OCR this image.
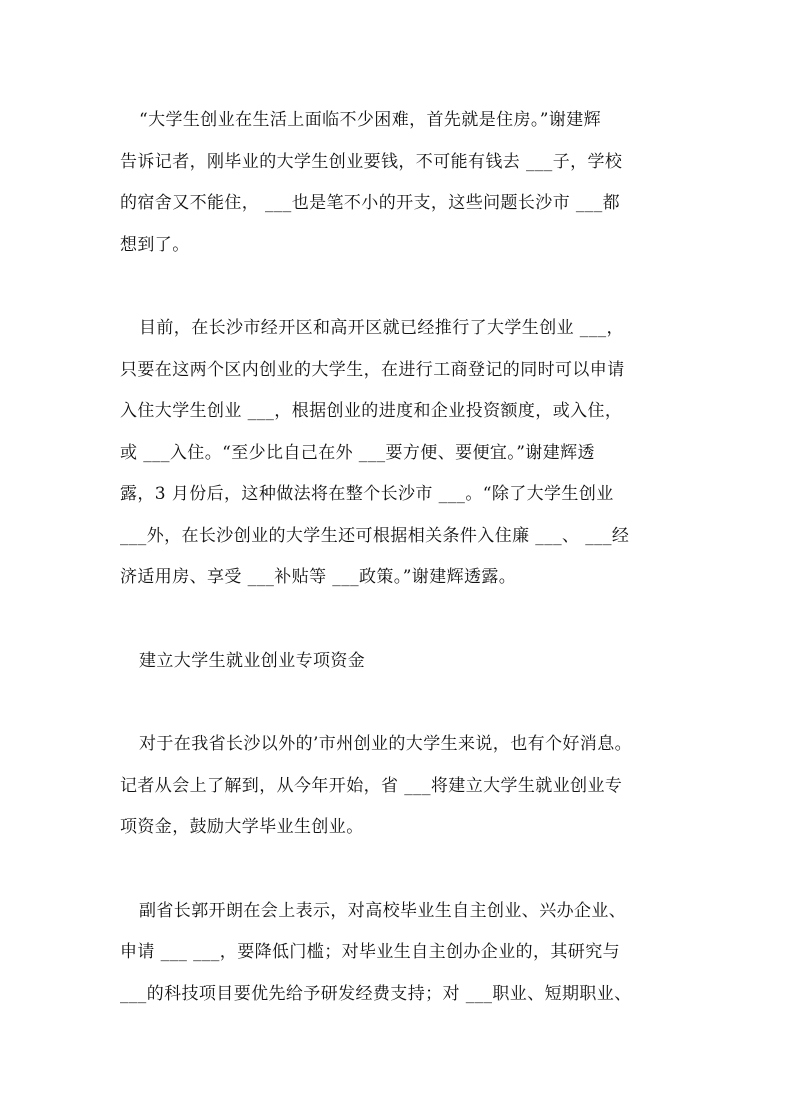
“大学生创业在生活上面临不少困难，首先就是住房。”谢建辉
告诉记者，刚毕业的大学生创业要钱，不可能有钱去 ___子，学校
的宿舍又不能住， ___也是笔不小的开支，这些问题长沙市 ___都
想到了。
目前，在长沙市经开区和高开区就已经推行了大学生创业 ___，
只要在这两个区内创业的大学生，在进行工商登记的同时可以申请
入住大学生创业 ___，根据创业的进度和企业投资额度，或入住，
或 ___入住。“至少比自己在外 ___要方便、要便宜。”谢建辉透
露，3 月份后，这种做法将在整个长沙市 ___。“除了大学生创业
___外，在长沙创业的大学生还可根据相关条件入住廉 ___、 ___经
济适用房、享受 ___补贴等 ___政策。”谢建辉透露。
建立大学生就业创业专项资金
对于在我省长沙以外的’市州创业的大学生来说，也有个好消息。
记者从会上了解到，从今年开始，省 ___将建立大学生就业创业专
项资金，鼓励大学毕业生创业。
副省长郭开朗在会上表示，对高校毕业生自主创业、兴办企业、
申请 ___ ___，要降低门槛；对毕业生自主创办企业的，其研究与
___的科技项目要优先给予研发经费支持；对 ___职业、短期职业、
